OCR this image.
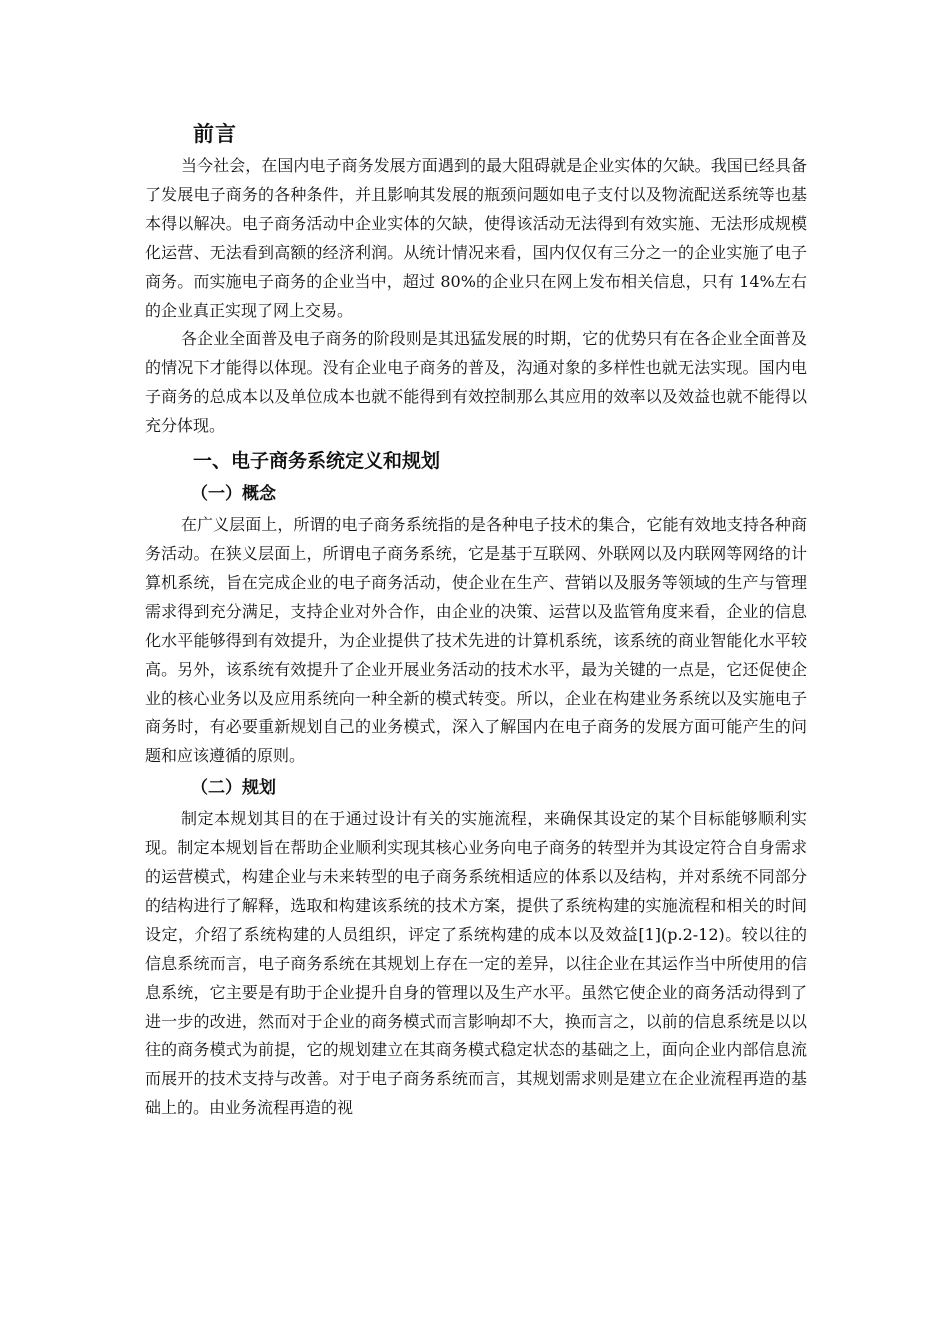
前言

当今社会，在国内电子商务发展方面遇到的最大阻碍就是企业实体的欠缺。我国已经具备了发展电子商务的各种条件，并且影响其发展的瓶颈问题如电子支付以及物流配送系统等也基本得以解决。电子商务活动中企业实体的欠缺，使得该活动无法得到有效实施、无法形成规模化运营、无法看到高额的经济利润。从统计情况来看，国内仅仅有三分之一的企业实施了电子商务。而实施电子商务的企业当中，超过 80%的企业只在网上发布相关信息，只有 14%左右的企业真正实现了网上交易。

各企业全面普及电子商务的阶段则是其迅猛发展的时期，它的优势只有在各企业全面普及的情况下才能得以体现。没有企业电子商务的普及，沟通对象的多样性也就无法实现。国内电子商务的总成本以及单位成本也就不能得到有效控制那么其应用的效率以及效益也就不能得以充分体现。

一、电子商务系统定义和规划
（一）概念

在广义层面上，所谓的电子商务系统指的是各种电子技术的集合，它能有效地支持各种商务活动。在狭义层面上，所谓电子商务系统，它是基于互联网、外联网以及内联网等网络的计算机系统，旨在完成企业的电子商务活动，使企业在生产、营销以及服务等领域的生产与管理需求得到充分满足，支持企业对外合作，由企业的决策、运营以及监管角度来看，企业的信息化水平能够得到有效提升，为企业提供了技术先进的计算机系统，该系统的商业智能化水平较高。另外，该系统有效提升了企业开展业务活动的技术水平，最为关键的一点是，它还促使企业的核心业务以及应用系统向一种全新的模式转变。所以，企业在构建业务系统以及实施电子商务时，有必要重新规划自己的业务模式，深入了解国内在电子商务的发展方面可能产生的问题和应该遵循的原则。

（二）规划

制定本规划其目的在于通过设计有关的实施流程，来确保其设定的某个目标能够顺利实现。制定本规划旨在帮助企业顺利实现其核心业务向电子商务的转型并为其设定符合自身需求的运营模式，构建企业与未来转型的电子商务系统相适应的体系以及结构，并对系统不同部分的结构进行了解释，选取和构建该系统的技术方案，提供了系统构建的实施流程和相关的时间设定，介绍了系统构建的人员组织，评定了系统构建的成本以及效益[1](p.2-12)。较以往的信息系统而言，电子商务系统在其规划上存在一定的差异，以往企业在其运作当中所使用的信息系统，它主要是有助于企业提升自身的管理以及生产水平。虽然它使企业的商务活动得到了进一步的改进，然而对于企业的商务模式而言影响却不大，换而言之，以前的信息系统是以以往的商务模式为前提，它的规划建立在其商务模式稳定状态的基础之上，面向企业内部信息流而展开的技术支持与改善。对于电子商务系统而言，其规划需求则是建立在企业流程再造的基础上的。由业务流程再造的视
